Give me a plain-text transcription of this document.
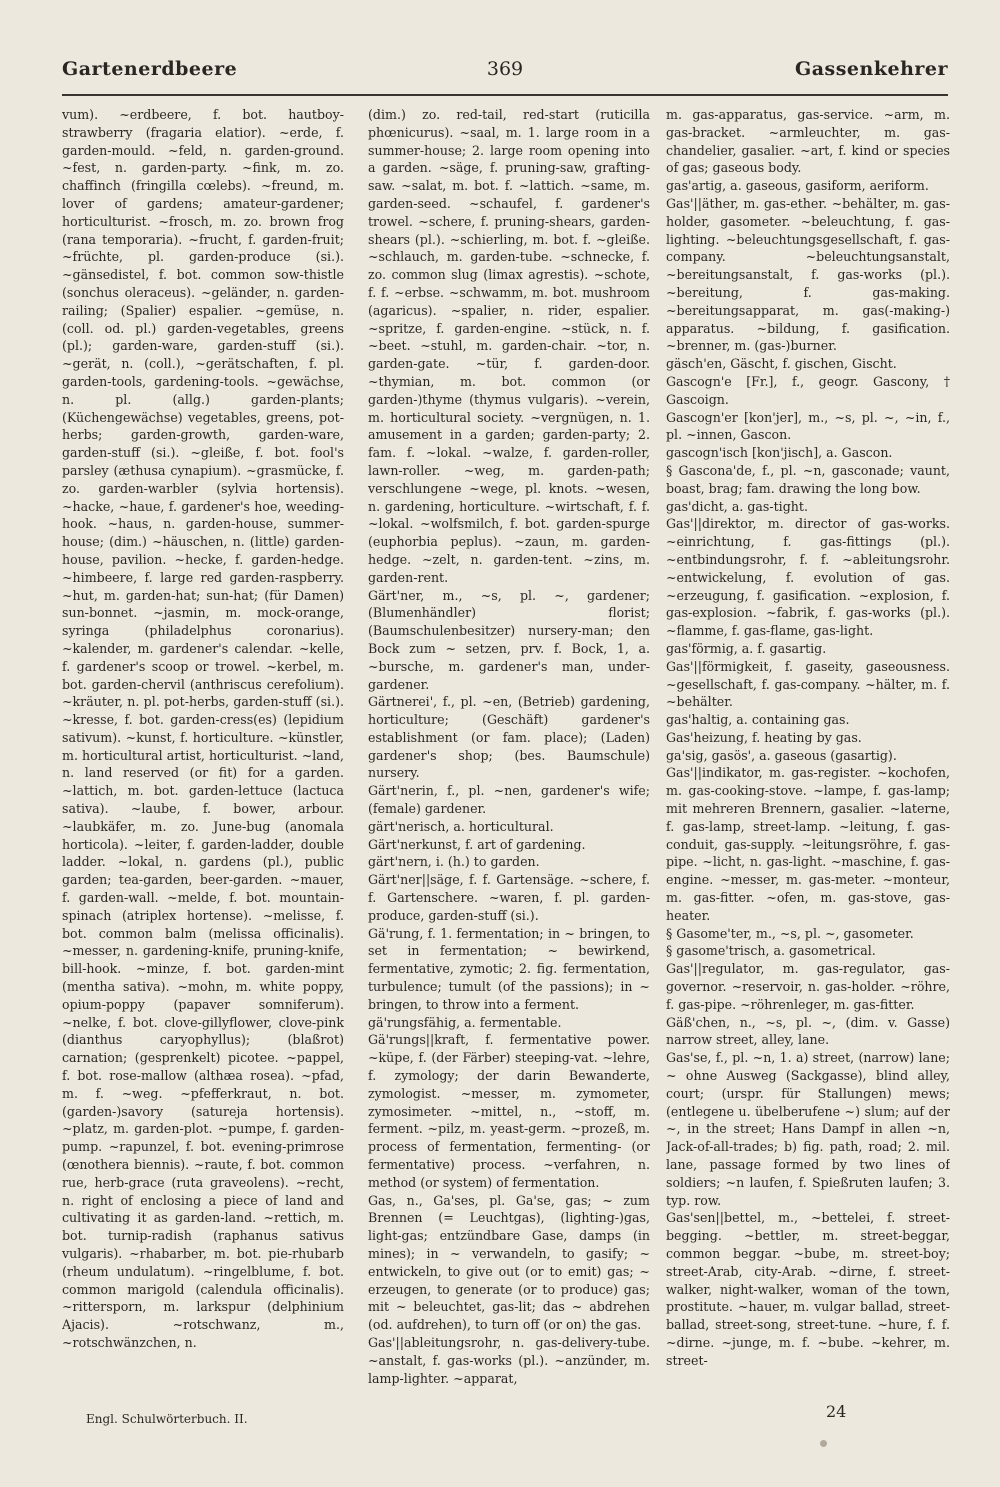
Gartenerdbeere	369	Gassenkehrer
vum). ~erdbeere, f. bot. hautboy-strawberry (fragaria elatior). ~erde, f. garden-mould. ~feld, n. garden-ground. ~fest, n. garden-party. ~fink, m. zo. chaffinch (fringilla cœlebs). ~freund, m. lover of gardens; amateur-gardener; horticulturist. ~frosch, m. zo. brown frog (rana temporaria). ~frucht, f. garden-fruit; ~früchte, pl. garden-produce (si.). ~gänsedistel, f. bot. common sow-thistle (sonchus oleraceus). ~geländer, n. garden-railing; (Spalier) espalier. ~gemüse, n. (coll. od. pl.) garden-vegetables, greens (pl.); garden-ware, garden-stuff (si.). ~gerät, n. (coll.), ~gerätschaften, f. pl. garden-tools, gardening-tools. ~gewächse, n. pl. (allg.) garden-plants; (Küchengewächse) vegetables, greens, pot-herbs; garden-growth, garden-ware, garden-stuff (si.). ~gleiße, f. bot. fool's parsley (æthusa cynapium). ~grasmücke, f. zo. garden-warbler (sylvia hortensis). ~hacke, ~haue, f. gardener's hoe, weeding-hook. ~haus, n. garden-house, summer-house; (dim.) ~häuschen, n. (little) garden-house, pavilion. ~hecke, f. garden-hedge. ~himbeere, f. large red garden-raspberry. ~hut, m. garden-hat; sun-hat; (für Damen) sun-bonnet. ~jasmin, m. mock-orange, syringa (philadelphus coronarius). ~kalender, m. gardener's calendar. ~kelle, f. gardener's scoop or trowel. ~kerbel, m. bot. garden-chervil (anthriscus cerefolium). ~kräuter, n. pl. pot-herbs, garden-stuff (si.). ~kresse, f. bot. garden-cress(es) (lepidium sativum). ~kunst, f. horticulture. ~künstler, m. horticultural artist, horticulturist. ~land, n. land reserved (or fit) for a garden. ~lattich, m. bot. garden-lettuce (lactuca sativa). ~laube, f. bower, arbour. ~laubkäfer, m. zo. June-bug (anomala horticola). ~leiter, f. garden-ladder, double ladder. ~lokal, n. gardens (pl.), public garden; tea-garden, beer-garden. ~mauer, f. garden-wall. ~melde, f. bot. mountain-spinach (atriplex hortense). ~melisse, f. bot. common balm (melissa officinalis). ~messer, n. gardening-knife, pruning-knife, bill-hook. ~minze, f. bot. garden-mint (mentha sativa). ~mohn, m. white poppy, opium-poppy (papaver somniferum). ~nelke, f. bot. clove-gillyflower, clove-pink (dianthus caryophyllus); (blaßrot) carnation; (gesprenkelt) picotee. ~pappel, f. bot. rose-mallow (althæa rosea). ~pfad, m. f. ~weg. ~pfefferkraut, n. bot. (garden-)savory (satureja hortensis). ~platz, m. garden-plot. ~pumpe, f. garden-pump. ~rapunzel, f. bot. evening-primrose (œnothera biennis). ~raute, f. bot. common rue, herb-grace (ruta graveolens). ~recht, n. right of enclosing a piece of land and cultivating it as garden-land. ~rettich, m. bot. turnip-radish (raphanus sativus vulgaris). ~rhabarber, m. bot. pie-rhubarb (rheum undulatum). ~ringelblume, f. bot. common marigold (calendula officinalis). ~rittersporn, m. larkspur (delphinium Ajacis). ~rotschwanz, m., ~rotschwänzchen, n.
(dim.) zo. red-tail, red-start (ruticilla phœnicurus). ~saal, m. 1. large room in a summer-house; 2. large room opening into a garden. ~säge, f. pruning-saw, grafting-saw. ~salat, m. bot. f. ~lattich. ~same, m. garden-seed. ~schaufel, f. gardener's trowel. ~schere, f. pruning-shears, garden-shears (pl.). ~schierling, m. bot. f. ~gleiße. ~schlauch, m. garden-tube. ~schnecke, f. zo. common slug (limax agrestis). ~schote, f. f. ~erbse. ~schwamm, m. bot. mushroom (agaricus). ~spalier, n. rider, espalier. ~spritze, f. garden-engine. ~stück, n. f. ~beet. ~stuhl, m. garden-chair. ~tor, n. garden-gate. ~tür, f. garden-door. ~thymian, m. bot. common (or garden-)thyme (thymus vulgaris). ~verein, m. horticultural society. ~vergnügen, n. 1. amusement in a garden; garden-party; 2. fam. f. ~lokal. ~walze, f. garden-roller, lawn-roller. ~weg, m. garden-path; verschlungene ~wege, pl. knots. ~wesen, n. gardening, horticulture. ~wirtschaft, f. f. ~lokal. ~wolfsmilch, f. bot. garden-spurge (euphorbia peplus). ~zaun, m. garden-hedge. ~zelt, n. garden-tent. ~zins, m. garden-rent.
Gärt'ner, m., ~s, pl. ~, gardener; (Blumenhändler) florist; (Baumschulenbesitzer) nursery-man; den Bock zum ~ setzen, prv. f. Bock, 1, a. ~bursche, m. gardener's man, under-gardener.
Gärtnerei', f., pl. ~en, (Betrieb) gardening, horticulture; (Geschäft) gardener's establishment (or fam. place); (Laden) gardener's shop; (bes. Baumschule) nursery.
Gärt'nerin, f., pl. ~nen, gardener's wife; (female) gardener.
gärt'nerisch, a. horticultural.
Gärt'nerkunst, f. art of gardening.
gärt'nern, i. (h.) to garden.
Gärt'ner||säge, f. f. Gartensäge. ~schere, f. f. Gartenschere. ~waren, f. pl. garden-produce, garden-stuff (si.).
Gä'rung, f. 1. fermentation; in ~ bringen, to set in fermentation; ~ bewirkend, fermentative, zymotic; 2. fig. fermentation, turbulence; tumult (of the passions); in ~ bringen, to throw into a ferment.
gä'rungsfähig, a. fermentable.
Gä'rungs||kraft, f. fermentative power. ~küpe, f. (der Färber) steeping-vat. ~lehre, f. zymology; der darin Bewanderte, zymologist. ~messer, m. zymometer, zymosimeter. ~mittel, n., ~stoff, m. ferment. ~pilz, m. yeast-germ. ~prozeß, m. process of fermentation, fermenting- (or fermentative) process. ~verfahren, n. method (or system) of fermentation.
Gas, n., Ga'ses, pl. Ga'se, gas; ~ zum Brennen (= Leuchtgas), (lighting-)gas, light-gas; entzündbare Gase, damps (in mines); in ~ verwandeln, to gasify; ~ entwickeln, to give out (or to emit) gas; ~ erzeugen, to generate (or to produce) gas; mit ~ beleuchtet, gas-lit; das ~ abdrehen (od. aufdrehen), to turn off (or on) the gas.
Gas'||ableitungsrohr, n. gas-delivery-tube. ~anstalt, f. gas-works (pl.). ~anzünder, m. lamp-lighter. ~apparat,
m. gas-apparatus, gas-service. ~arm, m. gas-bracket. ~armleuchter, m. gas-chandelier, gasalier. ~art, f. kind or species of gas; gaseous body.
gas'artig, a. gaseous, gasiform, aeriform.
Gas'||äther, m. gas-ether. ~behälter, m. gas-holder, gasometer. ~beleuchtung, f. gas-lighting. ~beleuchtungsgesellschaft, f. gas-company. ~beleuchtungsanstalt, ~bereitungsanstalt, f. gas-works (pl.). ~bereitung, f. gas-making. ~bereitungsapparat, m. gas(-making-) apparatus. ~bildung, f. gasification. ~brenner, m. (gas-)burner.
gäsch'en, Gäscht, f. gischen, Gischt.
Gascogn'e [Fr.], f., geogr. Gascony, † Gascoign.
Gascogn'er [kon'jer], m., ~s, pl. ~, ~in, f., pl. ~innen, Gascon.
gascogn'isch [kon'jisch], a. Gascon.
§ Gascona'de, f., pl. ~n, gasconade; vaunt, boast, brag; fam. drawing the long bow.
gas'dicht, a. gas-tight.
Gas'||direktor, m. director of gas-works. ~einrichtung, f. gas-fittings (pl.). ~entbindungsrohr, f. f. ~ableitungsrohr. ~entwickelung, f. evolution of gas. ~erzeugung, f. gasification. ~explosion, f. gas-explosion. ~fabrik, f. gas-works (pl.). ~flamme, f. gas-flame, gas-light.
gas'förmig, a. f. gasartig.
Gas'||förmigkeit, f. gaseity, gaseousness. ~gesellschaft, f. gas-company. ~hälter, m. f. ~behälter.
gas'haltig, a. containing gas.
Gas'heizung, f. heating by gas.
ga'sig, gasös', a. gaseous (gasartig).
Gas'||indikator, m. gas-register. ~kochofen, m. gas-cooking-stove. ~lampe, f. gas-lamp; mit mehreren Brennern, gasalier. ~laterne, f. gas-lamp, street-lamp. ~leitung, f. gas-conduit, gas-supply. ~leitungsröhre, f. gas-pipe. ~licht, n. gas-light. ~maschine, f. gas-engine. ~messer, m. gas-meter. ~monteur, m. gas-fitter. ~ofen, m. gas-stove, gas-heater.
§ Gasome'ter, m., ~s, pl. ~, gasometer.
§ gasome'trisch, a. gasometrical.
Gas'||regulator, m. gas-regulator, gas-governor. ~reservoir, n. gas-holder. ~röhre, f. gas-pipe. ~röhrenleger, m. gas-fitter.
Gäß'chen, n., ~s, pl. ~, (dim. v. Gasse) narrow street, alley, lane.
Gas'se, f., pl. ~n, 1. a) street, (narrow) lane; ~ ohne Ausweg (Sackgasse), blind alley, court; (urspr. für Stallungen) mews; (entlegene u. übelberufene ~) slum; auf der ~, in the street; Hans Dampf in allen ~n, Jack-of-all-trades; b) fig. path, road; 2. mil. lane, passage formed by two lines of soldiers; ~n laufen, f. Spießruten laufen; 3. typ. row.
Gas'sen||bettel, m., ~bettelei, f. street-begging. ~bettler, m. street-beggar, common beggar. ~bube, m. street-boy; street-Arab, city-Arab. ~dirne, f. street-walker, night-walker, woman of the town, prostitute. ~hauer, m. vulgar ballad, street-ballad, street-song, street-tune. ~hure, f. f. ~dirne. ~junge, m. f. ~bube. ~kehrer, m. street-
Engl. Schulwörterbuch. II.	24
